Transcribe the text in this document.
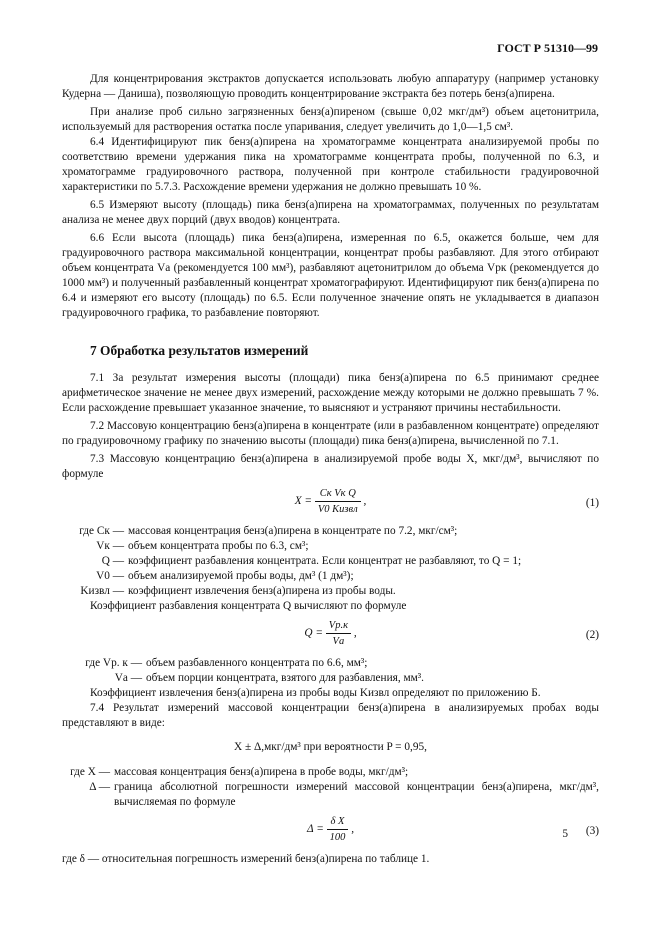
ГОСТ Р 51310—99

Для концентрирования экстрактов допускается использовать любую аппаратуру (например установку Кудерна — Даниша), позволяющую проводить концентрирование экстракта без потерь бенз(а)пирена.

При анализе проб сильно загрязненных бенз(а)пиреном (свыше 0,02 мкг/дм³) объем ацетонитрила, используемый для растворения остатка после упаривания, следует увеличить до 1,0—1,5 см³.

6.4 Идентифицируют пик бенз(а)пирена на хроматограмме концентрата анализируемой пробы по соответствию времени удержания пика на хроматограмме концентрата пробы, полученной по 6.3, и хроматограмме градуировочного раствора, полученной при контроле стабильности градуировочной характеристики по 5.7.3. Расхождение времени удержания не должно превышать 10 %.

6.5 Измеряют высоту (площадь) пика бенз(а)пирена на хроматограммах, полученных по результатам анализа не менее двух порций (двух вводов) концентрата.

6.6 Если высота (площадь) пика бенз(а)пирена, измеренная по 6.5, окажется больше, чем для градуировочного раствора максимальной концентрации, концентрат пробы разбавляют. Для этого отбирают объем концентрата Vа (рекомендуется 100 мм³), разбавляют ацетонитрилом до объема Vрк (рекомендуется до 1000 мм³) и полученный разбавленный концентрат хроматографируют. Идентифицируют пик бенз(а)пирена по 6.4 и измеряют его высоту (площадь) по 6.5. Если полученное значение опять не укладывается в диапазон градуировочного графика, то разбавление повторяют.

7 Обработка результатов измерений

7.1 За результат измерения высоты (площади) пика бенз(а)пирена по 6.5 принимают среднее арифметическое значение не менее двух измерений, расхождение между которыми не должно превышать 7 %. Если расхождение превышает указанное значение, то выясняют и устраняют причины нестабильности.

7.2 Массовую концентрацию бенз(а)пирена в концентрате (или в разбавленном концентрате) определяют по градуировочному графику по значению высоты (площади) пика бенз(а)пирена, вычисленной по 7.1.

7.3 Массовую концентрацию бенз(а)пирена в анализируемой пробе воды X, мкг/дм³, вычисляют по формуле

$X = \frac{\text{Cк Vк Q}}{\text{V0 Kизвл}}$ ,	(1)
где Cк — массовая концентрация бенз(а)пирена в концентрате по 7.2, мкг/см³;
Vк — объем концентрата пробы по 6.3, см³;
Q — коэффициент разбавления концентрата. Если концентрат не разбавляют, то Q = 1;
V0 — объем анализируемой пробы воды, дм³ (1 дм³);
Kизвл — коэффициент извлечения бенз(а)пирена из пробы воды.

Коэффициент разбавления концентрата Q вычисляют по формуле

$Q = \frac{Vр.к}{Vа}$ ,	(2)
где Vр. к — объем разбавленного концентрата по 6.6, мм³;
Vа — объем порции концентрата, взятого для разбавления, мм³.

Коэффициент извлечения бенз(а)пирена из пробы воды Kизвл определяют по приложению Б.

7.4 Результат измерений массовой концентрации бенз(а)пирена в анализируемых пробах воды представляют в виде:

X ± Δ,мкг/дм³ при вероятности P = 0,95,

где X — массовая концентрация бенз(а)пирена в пробе воды, мкг/дм³;
Δ — граница абсолютной погрешности измерений массовой концентрации бенз(а)пирена, мкг/дм³, вычисляемая по формуле
$\Delta = \frac{\text{δ X}}{100}$ ,	(3)

где δ — относительная погрешность измерений бенз(а)пирена по таблице 1.

5
